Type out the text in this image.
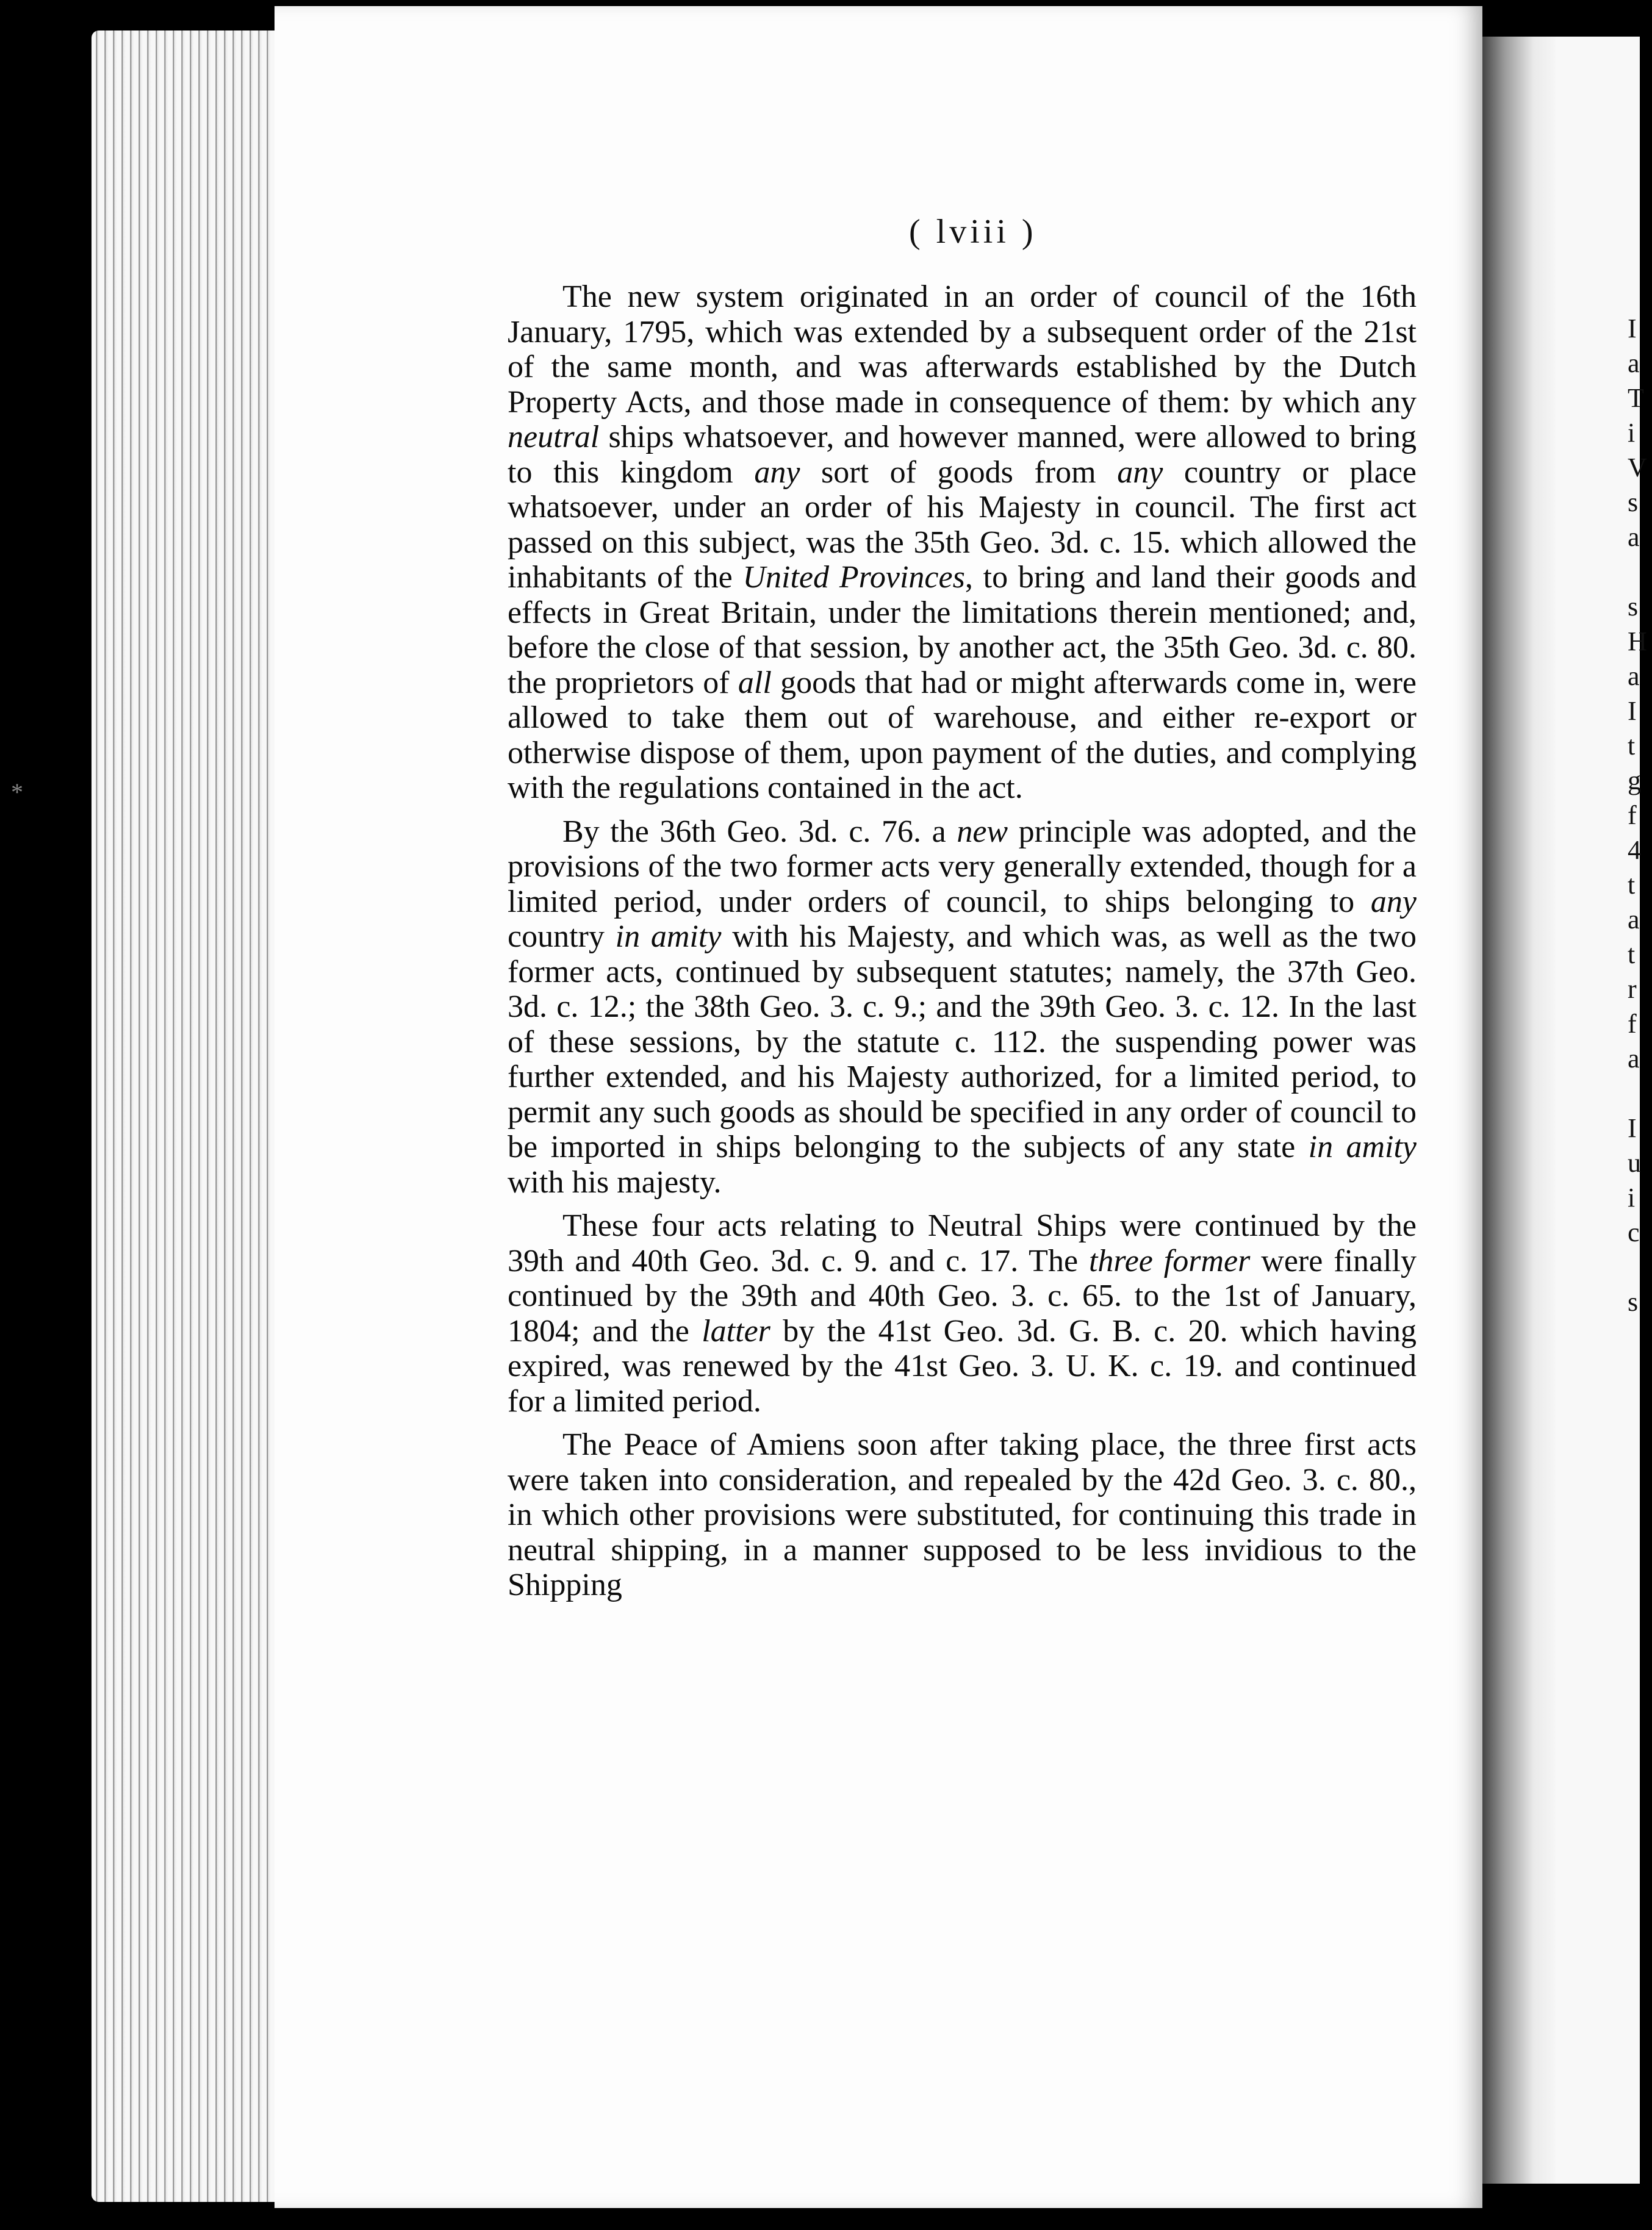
I
a
T
i
V
s
a
s
H
a
I
t
g
f
4
t
a
t
r
f
a
I
u
i
c
s
*
( lviii )

The new system originated in an order of council of the 16th January, 1795, which was extended by a subsequent order of the 21st of the same month, and was afterwards established by the Dutch Property Acts, and those made in consequence of them: by which any neutral ships whatsoever, and however manned, were allowed to bring to this kingdom any sort of goods from any country or place whatsoever, under an order of his Majesty in council. The first act passed on this subject, was the 35th Geo. 3d. c. 15. which allowed the inhabitants of the United Provinces, to bring and land their goods and effects in Great Britain, under the limitations therein mentioned; and, before the close of that session, by another act, the 35th Geo. 3d. c. 80. the proprietors of all goods that had or might afterwards come in, were allowed to take them out of warehouse, and either re-export or otherwise dispose of them, upon payment of the duties, and complying with the regulations contained in the act.

By the 36th Geo. 3d. c. 76. a new principle was adopted, and the provisions of the two former acts very generally extended, though for a limited period, under orders of council, to ships belonging to any country in amity with his Majesty, and which was, as well as the two former acts, continued by subsequent statutes; namely, the 37th Geo. 3d. c. 12.; the 38th Geo. 3. c. 9.; and the 39th Geo. 3. c. 12. In the last of these sessions, by the statute c. 112. the suspending power was further extended, and his Majesty authorized, for a limited period, to permit any such goods as should be specified in any order of council to be imported in ships belonging to the subjects of any state in amity with his majesty.

These four acts relating to Neutral Ships were continued by the 39th and 40th Geo. 3d. c. 9. and c. 17. The three former were finally continued by the 39th and 40th Geo. 3. c. 65. to the 1st of January, 1804; and the latter by the 41st Geo. 3d. G. B. c. 20. which having expired, was renewed by the 41st Geo. 3. U. K. c. 19. and continued for a limited period.

The Peace of Amiens soon after taking place, the three first acts were taken into consideration, and repealed by the 42d Geo. 3. c. 80., in which other provisions were substituted, for continuing this trade in neutral shipping, in a manner supposed to be less invidious to the Shipping
